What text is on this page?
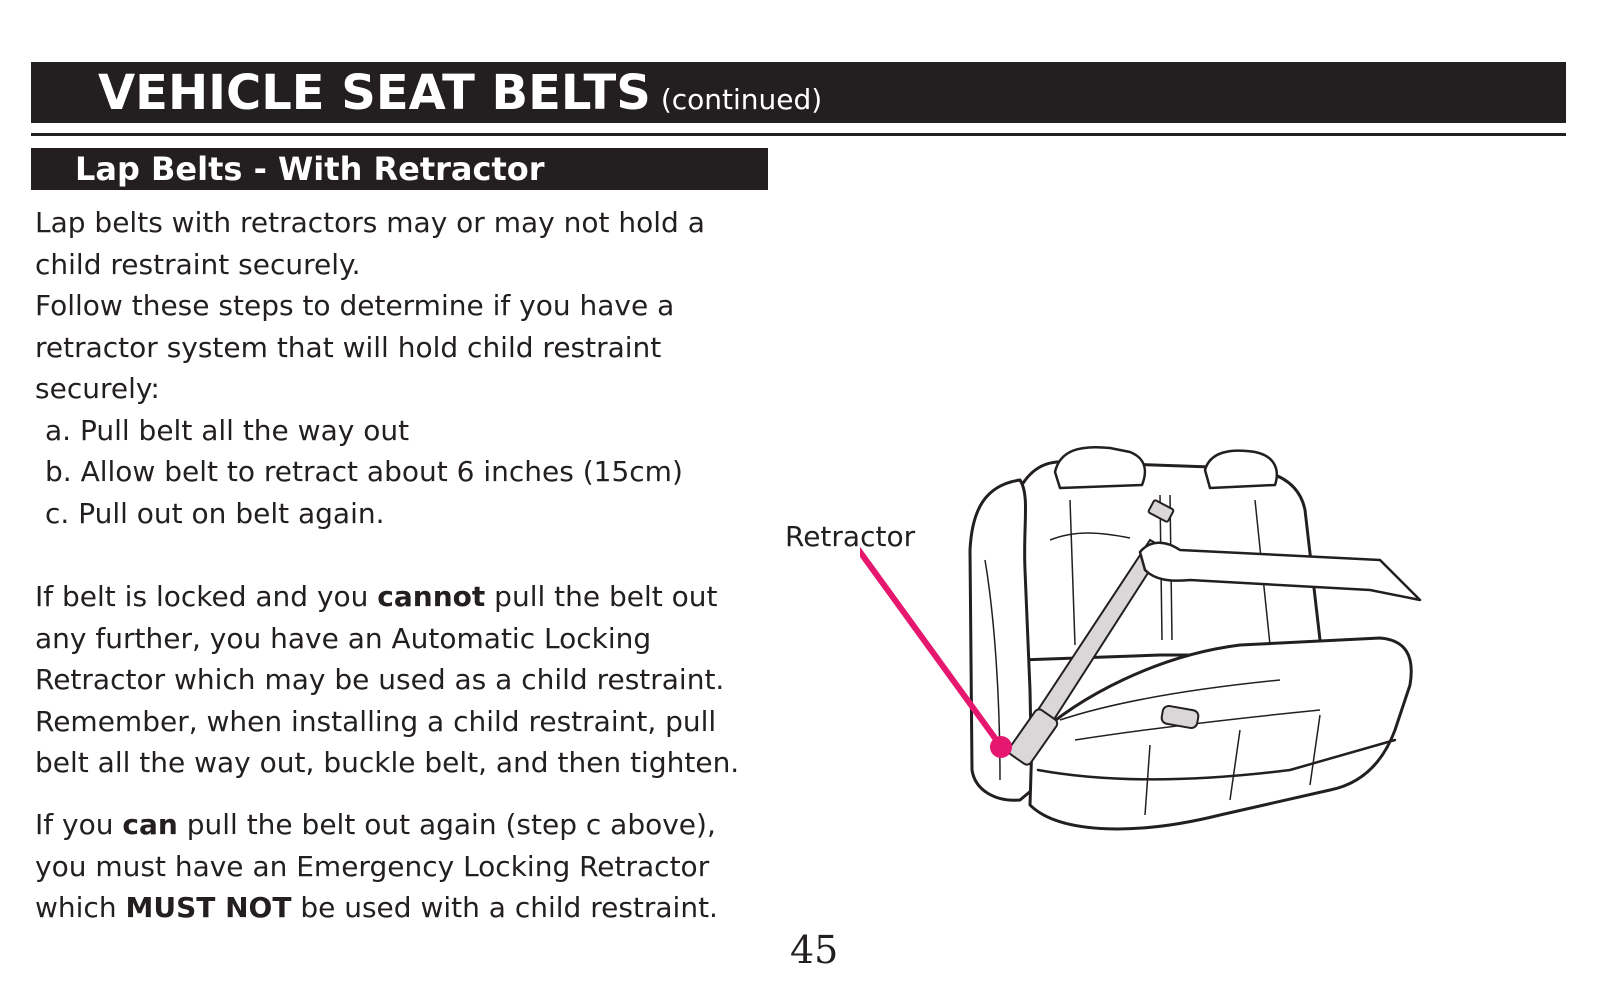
VEHICLE SEAT BELTS (continued)
Lap Belts - With Retractor
Lap belts with retractors may or may not hold a
child restraint securely.
Follow these steps to determine if you have a
retractor system that will hold child restraint
securely:
a. Pull belt all the way out
b. Allow belt to retract about 6 inches (15cm)
c. Pull out on belt again.
If belt is locked and you cannot pull the belt out
any further, you have an Automatic Locking
Retractor which may be used as a child restraint.
Remember, when installing a child restraint, pull
belt all the way out, buckle belt, and then tighten.
If you can pull the belt out again (step c above),
you must have an Emergency Locking Retractor
which MUST NOT be used with a child restraint.
Retractor
45
